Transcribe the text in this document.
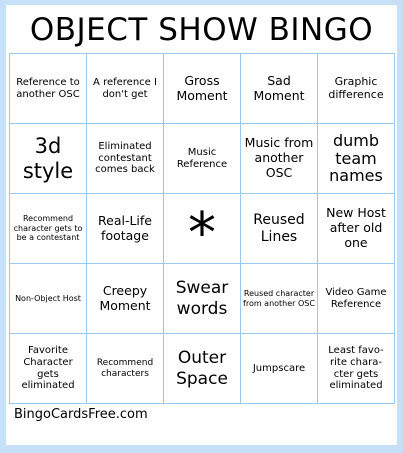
OBJECT SHOW BINGO
Reference to another OSC
A reference I don't get
Gross Moment
Sad Moment
Graphic difference
3d style
Eliminated contestant comes back
Music Reference
Music from another OSC
dumb team names
Recommend character gets to be a contestant
Real-Life footage *	Reused Lines
New Host after old one
Non-Object Host
Creepy Moment
Swear words
Reused character from another OSC
Video Game Reference
Favorite Character gets eliminated
Recommend characters
Outer Space
Jumpscare
Least favo- rite chara- cter gets eliminated
BingoCardsFree.com
